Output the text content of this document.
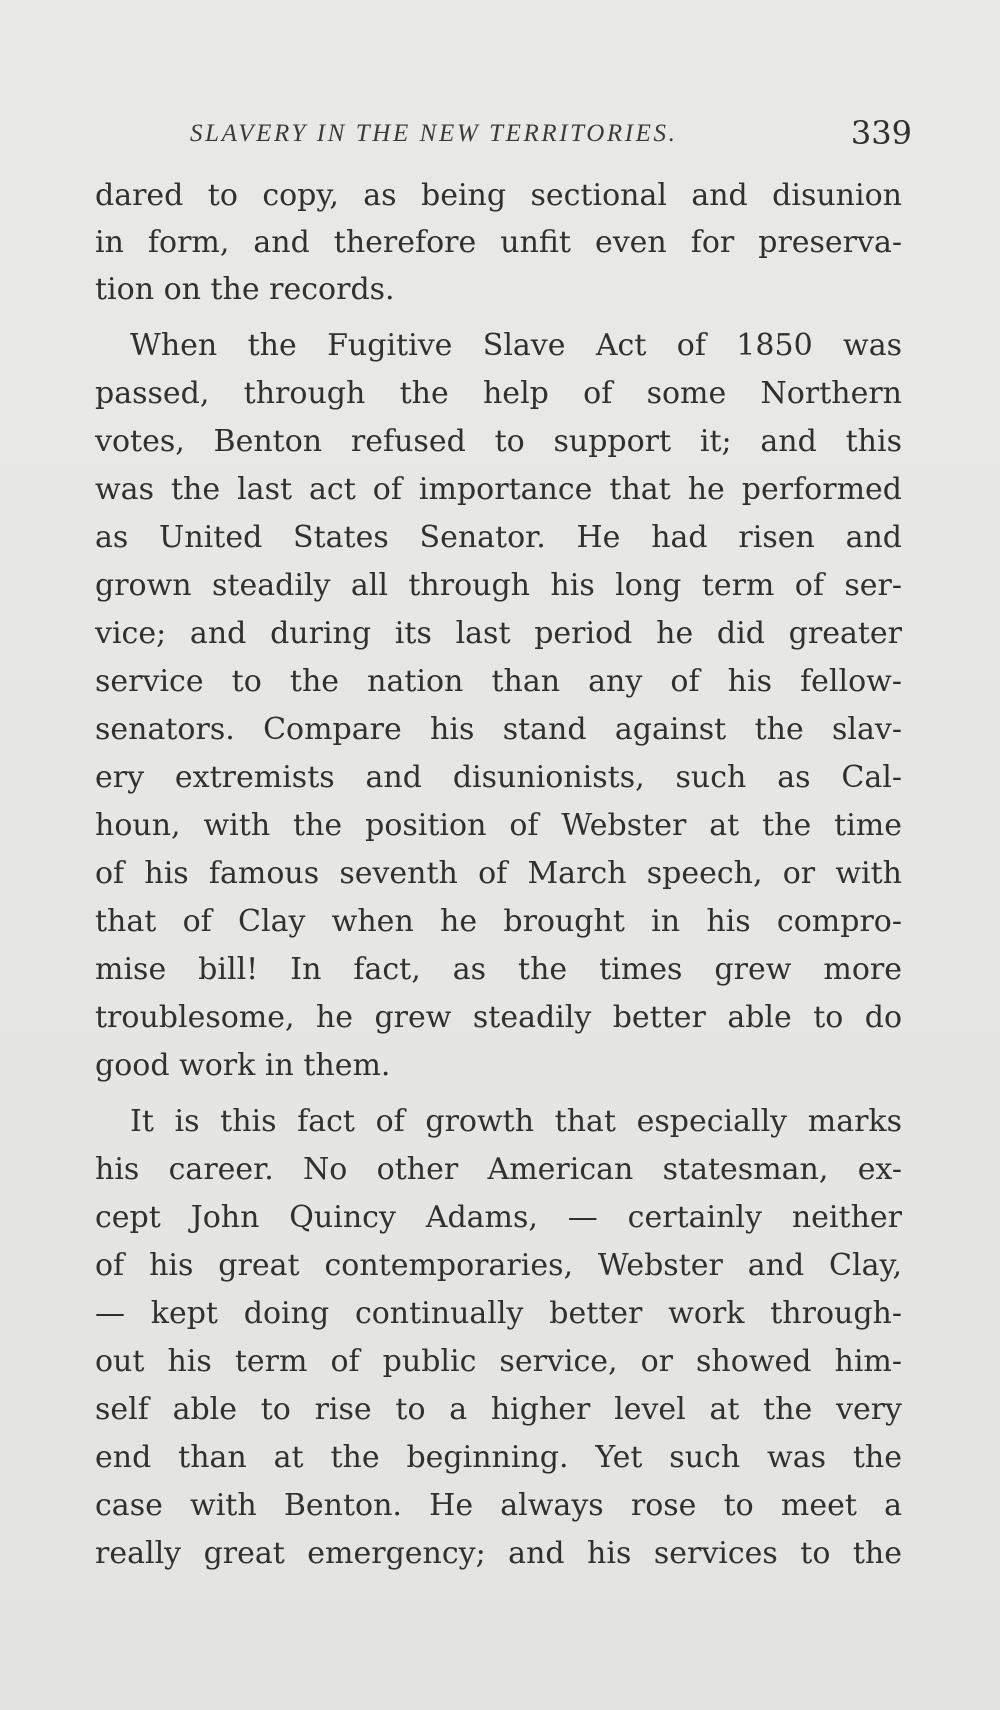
SLAVERY IN THE NEW TERRITORIES.	339
dared to copy, as being sectional and disunion
in form, and therefore unfit even for preserva-
tion on the records.
When the Fugitive Slave Act of 1850 was
passed, through the help of some Northern
votes, Benton refused to support it; and this
was the last act of importance that he performed
as United States Senator. He had risen and
grown steadily all through his long term of ser-
vice; and during its last period he did greater
service to the nation than any of his fellow-
senators. Compare his stand against the slav-
ery extremists and disunionists, such as Cal-
houn, with the position of Webster at the time
of his famous seventh of March speech, or with
that of Clay when he brought in his compro-
mise bill! In fact, as the times grew more
troublesome, he grew steadily better able to do
good work in them.
It is this fact of growth that especially marks
his career. No other American statesman, ex-
cept John Quincy Adams, — certainly neither
of his great contemporaries, Webster and Clay,
— kept doing continually better work through-
out his term of public service, or showed him-
self able to rise to a higher level at the very
end than at the beginning. Yet such was the
case with Benton. He always rose to meet a
really great emergency; and his services to the
